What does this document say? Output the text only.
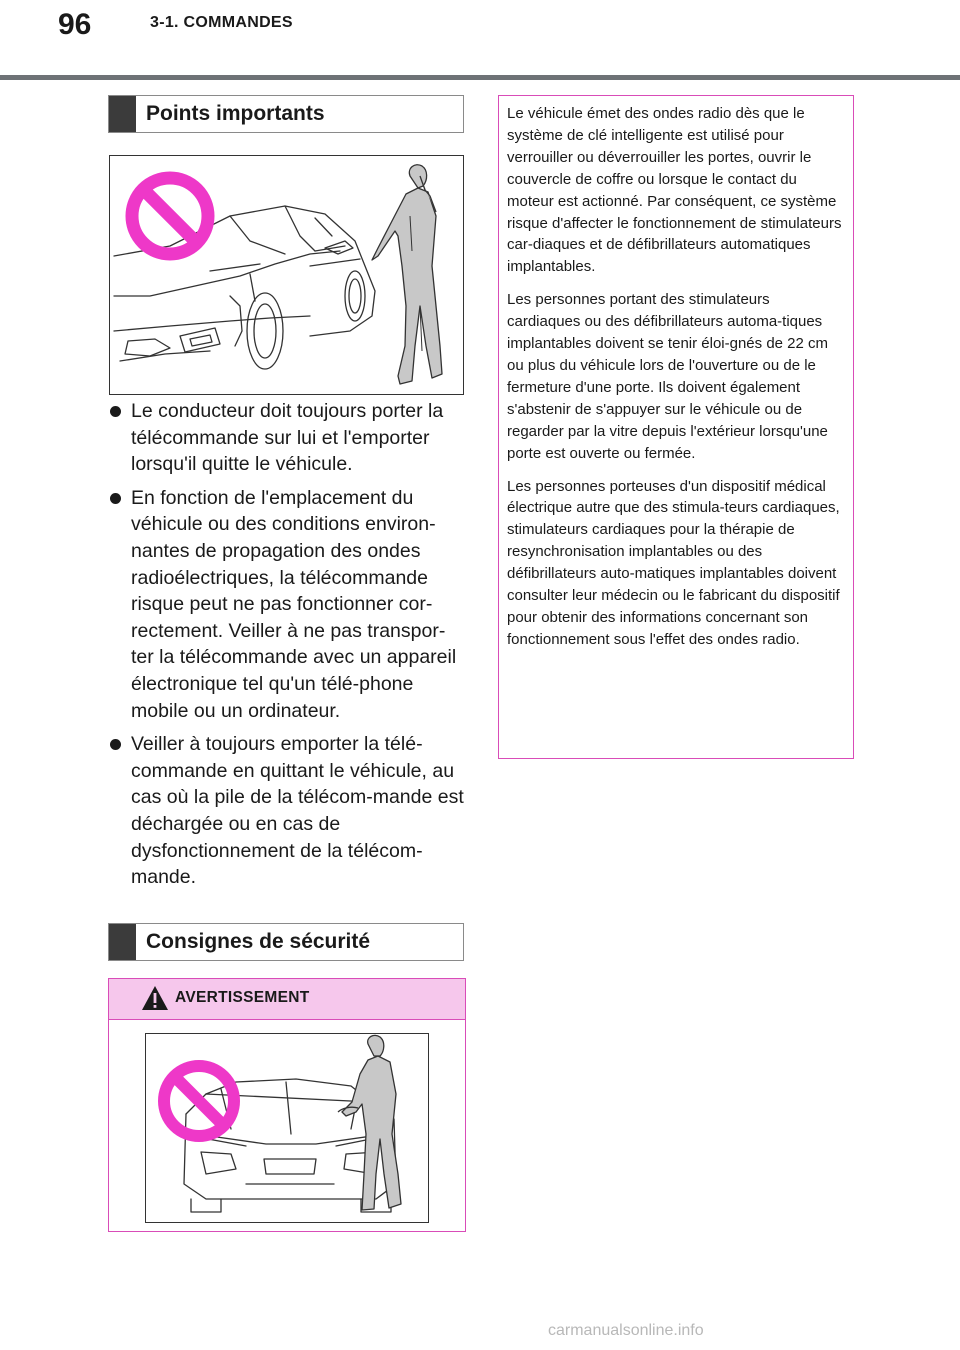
96	3-1. COMMANDES
Points importants
Le conducteur doit toujours porter la télécommande sur lui et l'emporter lorsqu'il quitte le véhicule.
En fonction de l'emplacement du véhicule ou des conditions environ-nantes de propagation des ondes radioélectriques, la télécommande risque peut ne pas fonctionner cor-rectement. Veiller à ne pas transpor-ter la télécommande avec un appareil électronique tel qu'un télé-phone mobile ou un ordinateur.
Veiller à toujours emporter la télé-commande en quittant le véhicule, au cas où la pile de la télécom-mande est déchargée ou en cas de dysfonctionnement de la télécom-mande.
Consignes de sécurité
AVERTISSEMENT

Le véhicule émet des ondes radio dès que le système de clé intelligente est utilisé pour verrouiller ou déverrouiller les portes, ouvrir le couvercle de coffre ou lorsque le contact du moteur est actionné. Par conséquent, ce système risque d'affecter le fonctionnement de stimulateurs car-diaques et de défibrillateurs automatiques implantables.

Les personnes portant des stimulateurs cardiaques ou des défibrillateurs automa-tiques implantables doivent se tenir éloi-gnés de 22 cm ou plus du véhicule lors de l'ouverture ou de le fermeture d'une porte. Ils doivent également s'abstenir de s'appuyer sur le véhicule ou de regarder par la vitre depuis l'extérieur lorsqu'une porte est ouverte ou fermée.

Les personnes porteuses d'un dispositif médical électrique autre que des stimula-teurs cardiaques, stimulateurs cardiaques pour la thérapie de resynchronisation implantables ou des défibrillateurs auto-matiques implantables doivent consulter leur médecin ou le fabricant du dispositif pour obtenir des informations concernant son fonctionnement sous l'effet des ondes radio.

carmanualsonline.info
